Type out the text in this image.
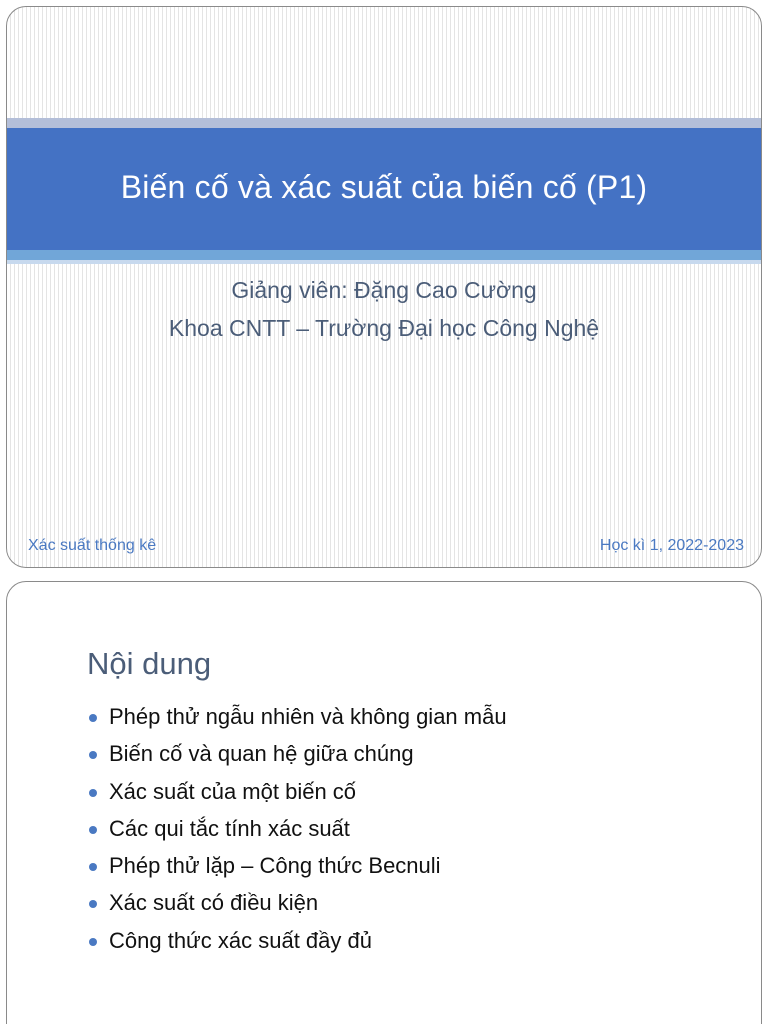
Biến cố và xác suất của biến cố (P1)
Giảng viên: Đặng Cao Cường
Khoa CNTT – Trường Đại học Công Nghệ
Xác suất thống kê	Học kì 1, 2022-2023
Nội dung
Phép thử ngẫu nhiên và không gian mẫu
Biến cố và quan hệ giữa chúng
Xác suất của một biến cố
Các qui tắc tính xác suất
Phép thử lặp – Công thức Becnuli
Xác suất có điều kiện
Công thức xác suất đầy đủ
